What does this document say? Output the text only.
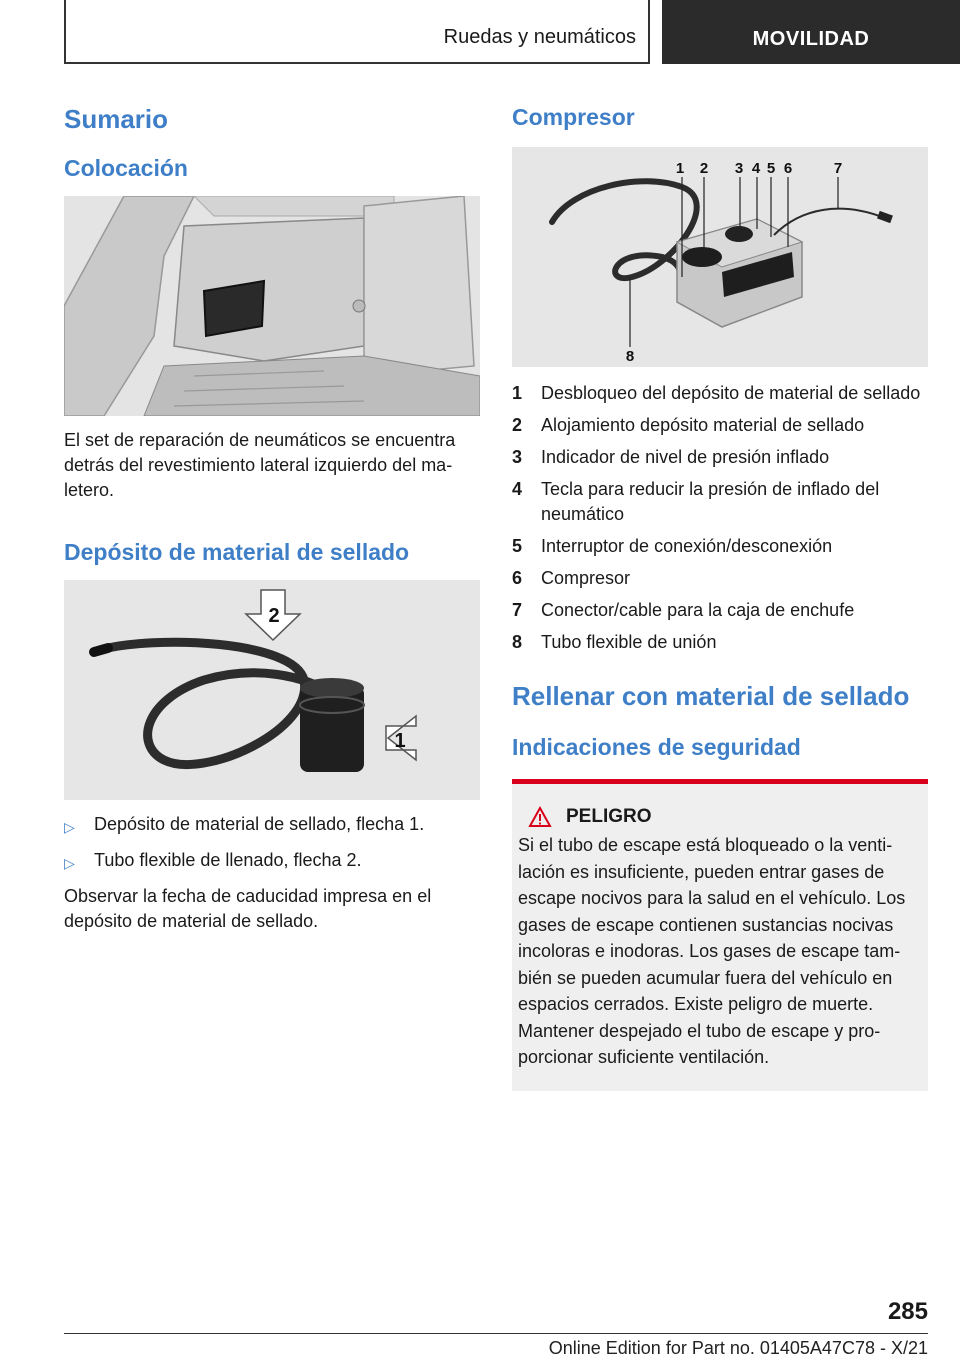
Ruedas y neumáticos	MOVILIDAD
Sumario
Colocación

El set de reparación de neumáticos se encuentra detrás del revestimiento lateral izquierdo del maletero.

Depósito de material de sellado
2
1
▷	Depósito de material de sellado, flecha 1.
▷	Tubo flexible de llenado, flecha 2.

Observar la fecha de caducidad impresa en el depósito de material de sellado.

Compresor
1 2 3 4 5 6	7
8
1	Desbloqueo del depósito de material de sellado
2	Alojamiento depósito material de sellado
3	Indicador de nivel de presión inflado
4	Tecla para reducir la presión de inflado del neumático
5	Interruptor de conexión/desconexión
6	Compresor
7	Conector/cable para la caja de enchufe
8	Tubo flexible de unión
Rellenar con material de sellado
Indicaciones de seguridad
PELIGRO

Si el tubo de escape está bloqueado o la ventilación es insuficiente, pueden entrar gases de escape nocivos para la salud en el vehículo. Los gases de escape contienen sustancias nocivas incoloras e inodoras. Los gases de escape también se pueden acumular fuera del vehículo en espacios cerrados. Existe peligro de muerte. Mantener despejado el tubo de escape y proporcionar suficiente ventilación.

285
Online Edition for Part no. 01405A47C78 - X/21
